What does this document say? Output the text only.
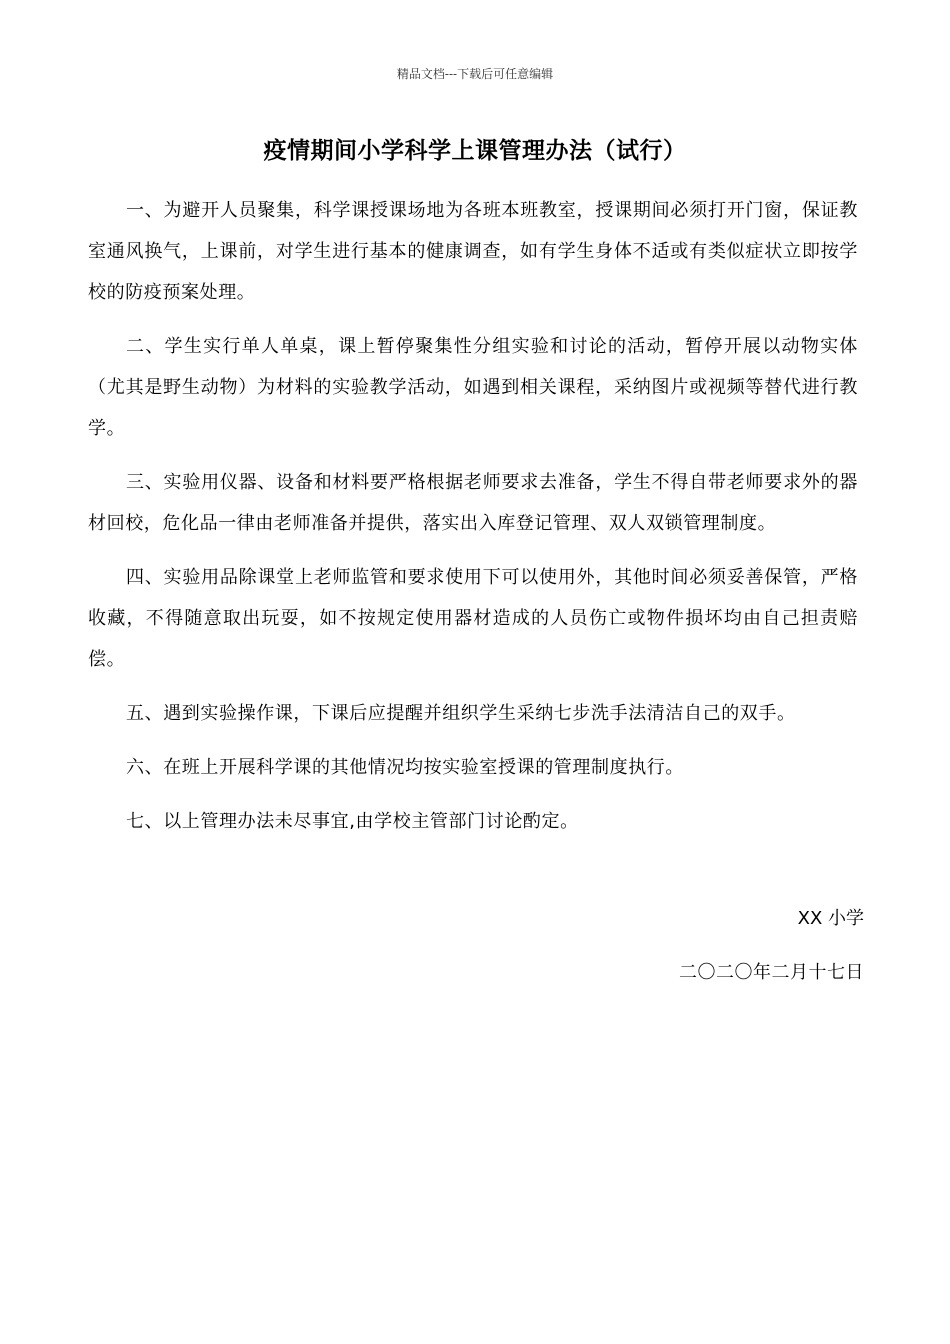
精品文档---下载后可任意编辑
疫情期间小学科学上课管理办法（试行）

一、为避开人员聚集，科学课授课场地为各班本班教室，授课期间必须打开门窗，保证教室通风换气，上课前，对学生进行基本的健康调查，如有学生身体不适或有类似症状立即按学校的防疫预案处理。

二、学生实行单人单桌，课上暂停聚集性分组实验和讨论的活动，暂停开展以动物实体（尤其是野生动物）为材料的实验教学活动，如遇到相关课程，采纳图片或视频等替代进行教学。

三、实验用仪器、设备和材料要严格根据老师要求去准备，学生不得自带老师要求外的器材回校，危化品一律由老师准备并提供，落实出入库登记管理、双人双锁管理制度。

四、实验用品除课堂上老师监管和要求使用下可以使用外，其他时间必须妥善保管，严格收藏，不得随意取出玩耍，如不按规定使用器材造成的人员伤亡或物件损坏均由自己担责赔偿。

五、遇到实验操作课，下课后应提醒并组织学生采纳七步洗手法清洁自己的双手。

六、在班上开展科学课的其他情况均按实验室授课的管理制度执行。

七、以上管理办法未尽事宜,由学校主管部门讨论酌定。

XX 小学
二〇二〇年二月十七日
